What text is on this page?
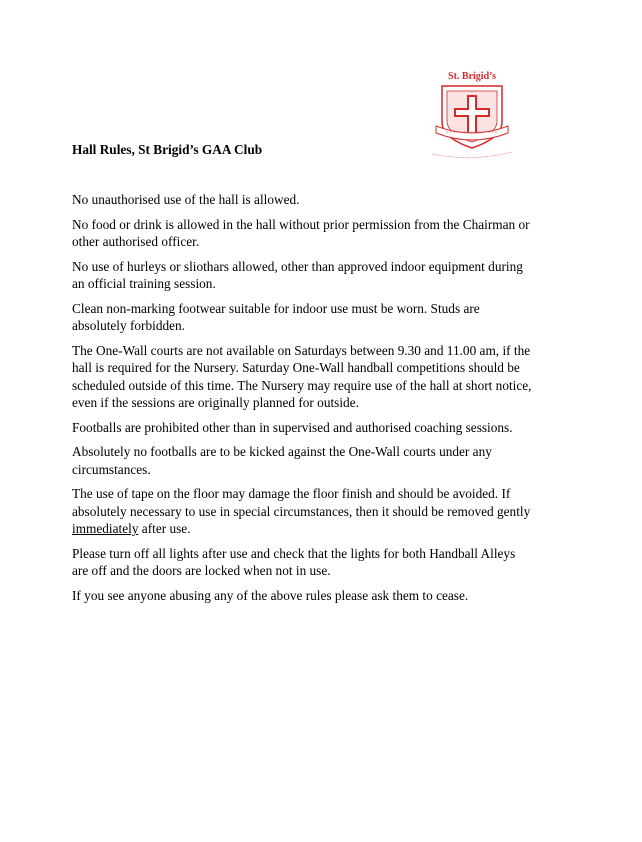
St. Brigid’s
Hall Rules, St Brigid’s GAA Club

No unauthorised use of the hall is allowed.

No food or drink is allowed in the hall without prior permission from the Chairman or other authorised officer.

No use of hurleys or sliothars allowed, other than approved indoor equipment during an official training session.

Clean non-marking footwear suitable for indoor use must be worn. Studs are absolutely forbidden.

The One-Wall courts are not available on Saturdays between 9.30 and 11.00 am, if the hall is required for the Nursery. Saturday One-Wall handball competitions should be scheduled outside of this time. The Nursery may require use of the hall at short notice, even if the sessions are originally planned for outside.

Footballs are prohibited other than in supervised and authorised coaching sessions.

Absolutely no footballs are to be kicked against the One-Wall courts under any circumstances.

The use of tape on the floor may damage the floor finish and should be avoided. If absolutely necessary to use in special circumstances, then it should be removed gently immediately after use.

Please turn off all lights after use and check that the lights for both Handball Alleys are off and the doors are locked when not in use.

If you see anyone abusing any of the above rules please ask them to cease.
